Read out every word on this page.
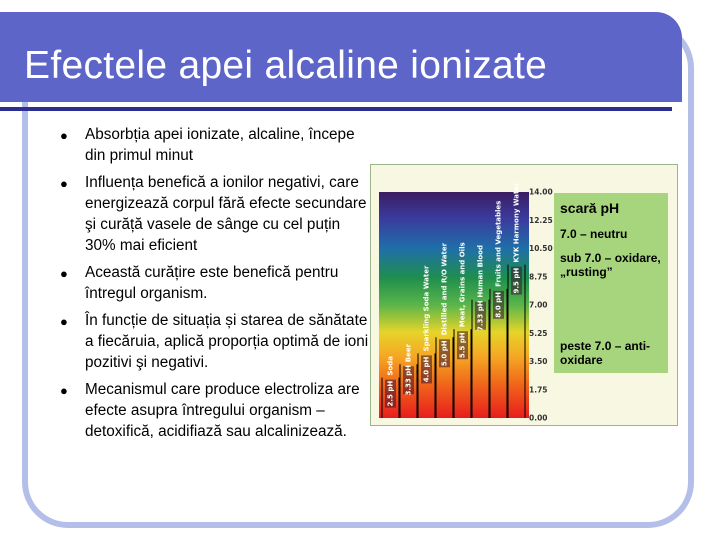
Efectele apei alcaline ionizate
● Absorbția apei ionizate, alcaline, începe din primul minut
● Influența benefică a ionilor negativi, care energizează corpul fără efecte secundare şi curăță vasele de sânge cu cel puțin 30% mai eficient
● Această curățire este benefică pentru întregul organism.
● În funcție de situația și starea de sănătate a fiecăruia, aplică proporția optimă de ioni pozitivi şi negativi.
● Mecanismul care produce electroliza are efecte asupra întregului organism – detoxifică, acidifiază sau alcalinizează.
2.5 pH
Soda 3.33 pH
Beer
4.0 pH
Sparkling Soda Water
5.0 pH
Distilled and R/O Water
5.5 pH
Meat, Grains and Oils 7.33 pH
Human Blood
8.0 pH
Fruits and Vegetables 9.5 pH
KYK Harmony Water
0.00
1.75
3.50
5.25
7.00
8.75
10.50
12.25
14.00

scară pH

7.0 – neutru

sub 7.0 – oxidare, „rusting”

peste 7.0 – anti-oxidare
